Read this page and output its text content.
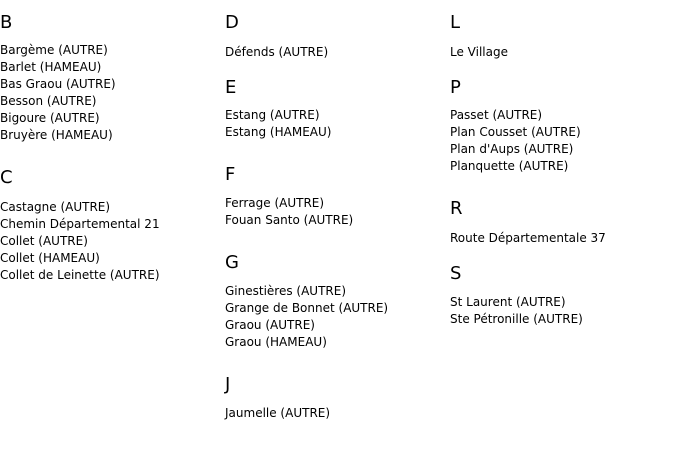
B
Bargème (AUTRE)
Barlet (HAMEAU)
Bas Graou (AUTRE)
Besson (AUTRE)
Bigoure (AUTRE)
Bruyère (HAMEAU)
C
Castagne (AUTRE)
Chemin Départemental 21
Collet (AUTRE)
Collet (HAMEAU)
Collet de Leinette (AUTRE)
D
Défends (AUTRE)
E
Estang (AUTRE)
Estang (HAMEAU)
F
Ferrage (AUTRE)
Fouan Santo (AUTRE)
G
Ginestières (AUTRE)
Grange de Bonnet (AUTRE)
Graou (AUTRE)
Graou (HAMEAU)
J
Jaumelle (AUTRE)
L
Le Village
P
Passet (AUTRE)
Plan Cousset (AUTRE)
Plan d'Aups (AUTRE)
Planquette (AUTRE)
R
Route Départementale 37
S
St Laurent (AUTRE)
Ste Pétronille (AUTRE)
